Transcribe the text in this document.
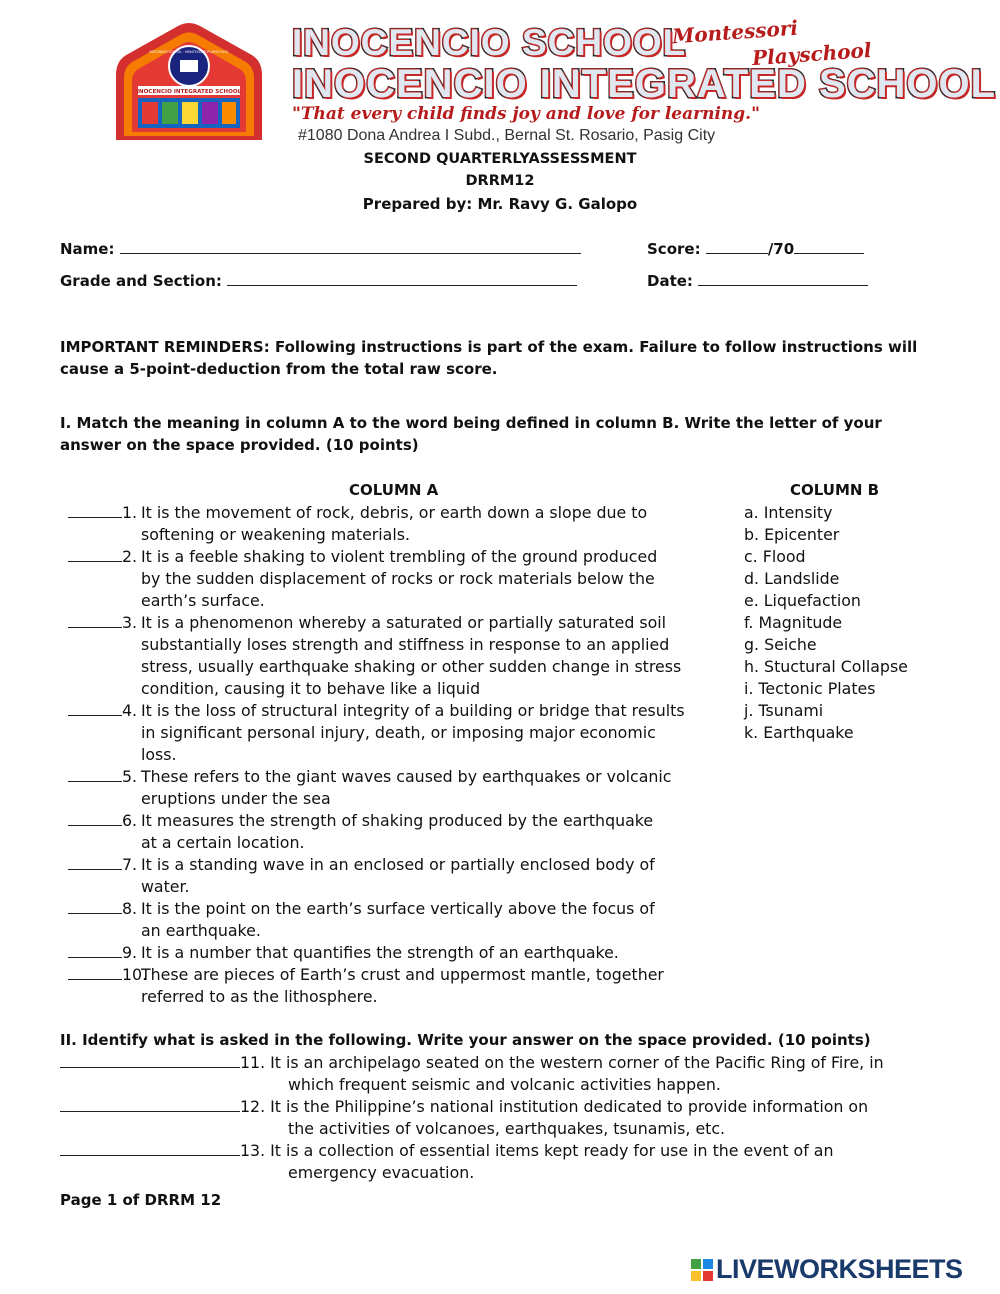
INOCENCIO INTEGRATED SCHOOL
INOCENCIO SCHOOL · MONTESSORI PLAYSCHOOL INOCENCIO SCHOOL
Montessori
Playschool
INOCENCIO INTEGRATED SCHOOL
"That every child finds joy and love for learning."
#1080 Dona Andrea I Subd., Bernal St. Rosario, Pasig City
SECOND QUARTERLYASSESSMENT
DRRM12
Prepared by: Mr. Ravy G. Galopo
Name:	Score:	/70
Grade and Section:	Date:
IMPORTANT REMINDERS: Following instructions is part of the exam. Failure to follow instructions will cause a 5-point-deduction from the total raw score.
I. Match the meaning in column A to the word being defined in column B. Write the letter of your answer on the space provided. (10 points)
COLUMN A	COLUMN B
1. It is the movement of rock, debris, or earth down a slope due to
softening or weakening materials.
2. It is a feeble shaking to violent trembling of the ground produced
by the sudden displacement of rocks or rock materials below the
earth’s surface.
3. It is a phenomenon whereby a saturated or partially saturated soil
substantially loses strength and stiffness in response to an applied
stress, usually earthquake shaking or other sudden change in stress
condition, causing it to behave like a liquid
4. It is the loss of structural integrity of a building or bridge that results
in significant personal injury, death, or imposing major economic
loss.
5. These refers to the giant waves caused by earthquakes or volcanic
eruptions under the sea
6. It measures the strength of shaking produced by the earthquake
at a certain location.
7. It is a standing wave in an enclosed or partially enclosed body of
water.
8. It is the point on the earth’s surface vertically above the focus of
an earthquake.
9. It is a number that quantifies the strength of an earthquake.
10.
These are pieces of Earth’s crust and uppermost mantle, together
referred to as the lithosphere.
a. Intensity
b. Epicenter
c. Flood
d. Landslide
e. Liquefaction
f. Magnitude
g. Seiche
h. Stuctural Collapse
i. Tectonic Plates
j. Tsunami
k. Earthquake
II. Identify what is asked in the following. Write your answer on the space provided. (10 points)
11. It is an archipelago seated on the western corner of the Pacific Ring of Fire, in
which frequent seismic and volcanic activities happen.
12. It is the Philippine’s national institution dedicated to provide information on
the activities of volcanoes, earthquakes, tsunamis, etc.
13. It is a collection of essential items kept ready for use in the event of an
emergency evacuation.
Page 1 of DRRM 12
LIVEWORKSHEETS
